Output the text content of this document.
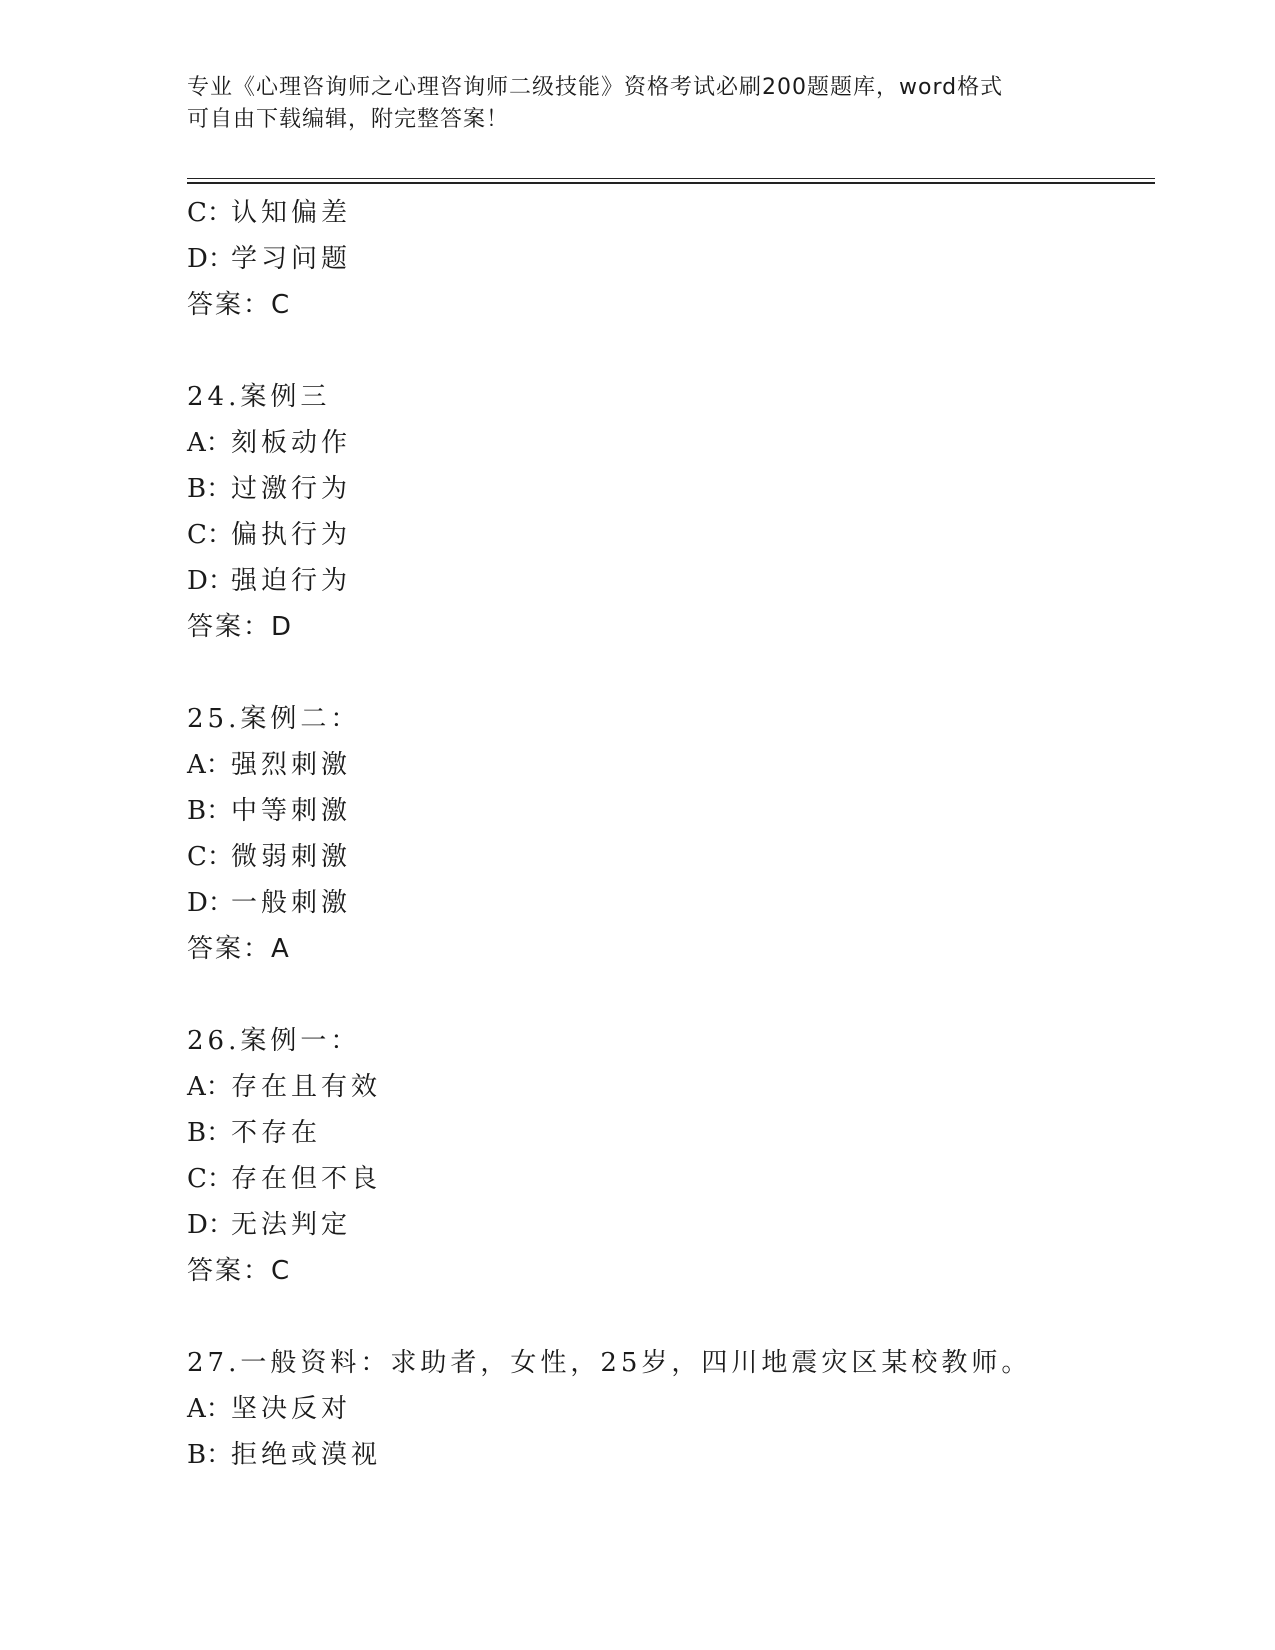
专业《心理咨询师之心理咨询师二级技能》资格考试必刷200题题库，word格式
可自由下载编辑，附完整答案！
C：认知偏差
D：学习问题
答案：C
24.案例三
A：刻板动作
B：过激行为
C：偏执行为
D：强迫行为
答案：D
25.案例二：
A：强烈刺激
B：中等刺激
C：微弱刺激
D：一般刺激
答案：A
26.案例一：
A：存在且有效
B：不存在
C：存在但不良
D：无法判定
答案：C
27.一般资料：求助者，女性，25岁，四川地震灾区某校教师。
A：坚决反对
B：拒绝或漠视
